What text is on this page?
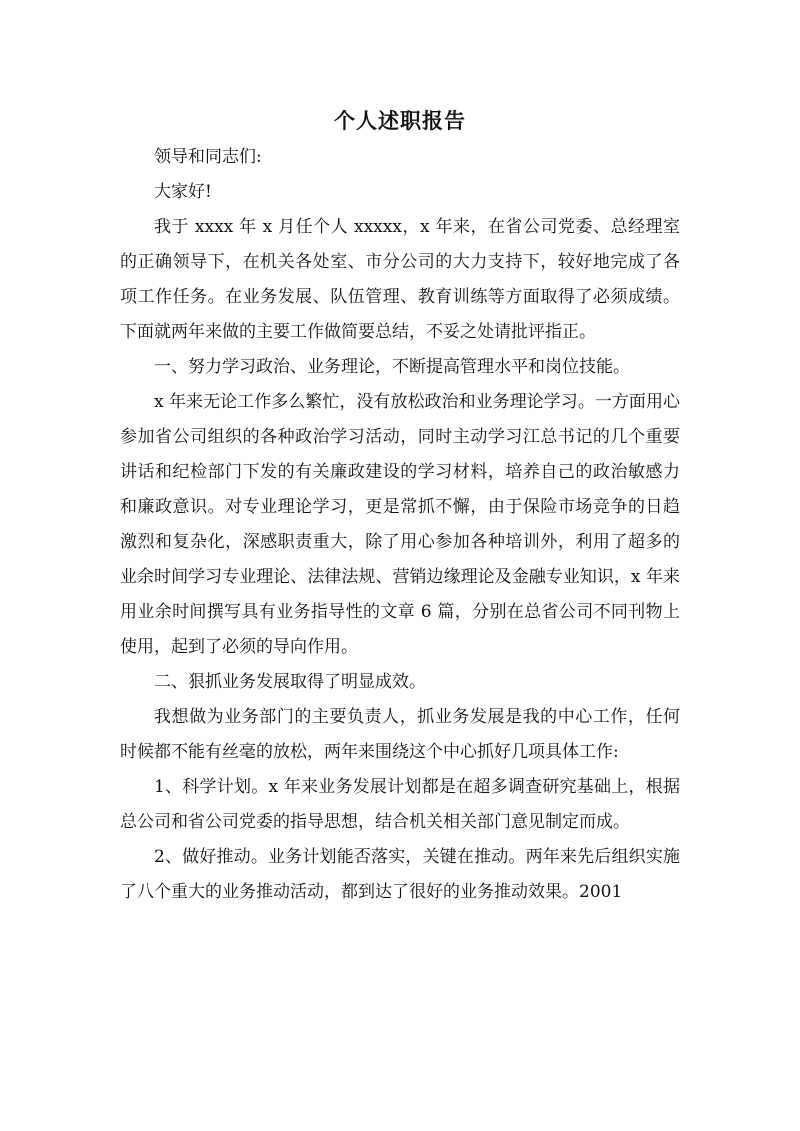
个人述职报告

领导和同志们:

大家好!

我于 xxxx 年 x 月任个人 xxxxx，x 年来，在省公司党委、总经理室的正确领导下，在机关各处室、市分公司的大力支持下，较好地完成了各项工作任务。在业务发展、队伍管理、教育训练等方面取得了必须成绩。下面就两年来做的主要工作做简要总结，不妥之处请批评指正。

一、努力学习政治、业务理论，不断提高管理水平和岗位技能。

x 年来无论工作多么繁忙，没有放松政治和业务理论学习。一方面用心参加省公司组织的各种政治学习活动，同时主动学习江总书记的几个重要讲话和纪检部门下发的有关廉政建设的学习材料，培养自己的政治敏感力和廉政意识。对专业理论学习，更是常抓不懈，由于保险市场竞争的日趋激烈和复杂化，深感职责重大，除了用心参加各种培训外，利用了超多的业余时间学习专业理论、法律法规、营销边缘理论及金融专业知识，x 年来用业余时间撰写具有业务指导性的文章 6 篇，分别在总省公司不同刊物上使用，起到了必须的导向作用。

二、狠抓业务发展取得了明显成效。

我想做为业务部门的主要负责人，抓业务发展是我的中心工作，任何时候都不能有丝毫的放松，两年来围绕这个中心抓好几项具体工作:

1、科学计划。x 年来业务发展计划都是在超多调查研究基础上，根据总公司和省公司党委的指导思想，结合机关相关部门意见制定而成。

2、做好推动。业务计划能否落实，关键在推动。两年来先后组织实施了八个重大的业务推动活动，都到达了很好的业务推动效果。2001
